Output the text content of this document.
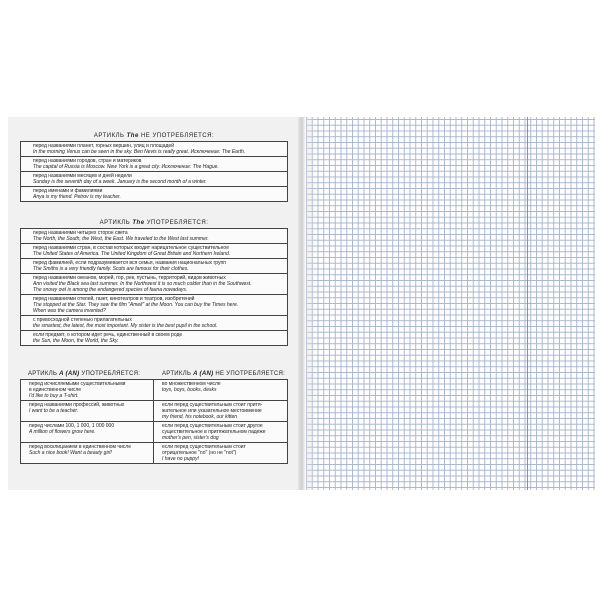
АРТИКЛЬ The НЕ УПОТРЕБЛЯЕТСЯ:
перед названиями планет, горных вершин, улиц и площадей
In the morning Venus can be seen in the sky. Ben Nevis is really great. Исключение: The Earth.
перед названиями городов, стран и материков
The capital of Russia is Moscow. New York is a great city. Исключение: The Hague.
перед названиями месяцев и дней недели
Sunday is the seventh day of a week. January is the second month of a winter.
перед именами и фамилиями
Anya is my friend. Petrov is my teacher.
АРТИКЛЬ The УПОТРЕБЛЯЕТСЯ:
перед названиями четырех сторон света
The North, the South, the West, the East. We traveled to the West last summer.
перед названиями стран, в состав которых входит нарицательное существительное
The United States of America. The United Kingdom of Great Britain and Northern Ireland.
перед фамилией, если подразумевается вся семья, названия национальных групп
The Smiths is a very friendly family. Scots are famous for their clothes.
перед названиями океанов, морей, гор, рек, пустынь, территорий, видов животных
Ann visited the Black sea last summer. In the Northwest it is so much colder than in the Southwest.
The snowy owl is among the endangered species of fauna nowadays.
перед названиями отелей, газет, кинотеатров и театров, изобретений
The stopped at the Star. They saw the film "Amelі" at the Moon. You can buy the Times here.
When was the camera invented?
с превосходной степенью прилагательных
the smartest, the latest, the most important. My sister is the best pupil in the school.
если предмет, о котором идет речь, единственный в своем роде
the Sun, the Moon, the World, the Sky.
АРТИКЛЬ A (AN) УПОТРЕБЛЯЕТСЯ:	АРТИКЛЬ A (AN) НЕ УПОТРЕБЛЯЕТСЯ:
перед исчисляемыми существительными
в единственном числе
I'd like to buy a T-shirt.
во множественном числе
toys, boys, books, desks
перед названиями профессий, животных
I want to be a teacher.
если перед существительным стоит притя-
жательное или указательное местоимение
my friend, his notebook, our kitten
перед числами 100, 1 000, 1 000 000
A million of flowers grow here.
если перед существительным стоит другое
существительное в притяжательном падеже
mother's pen, sister's dog
перед восклицанием в единственном числе
Such a nice book! Want a beauty girl!
если перед существительным стоит
отрицательное "no" (но не "not")
I have no puppy!
